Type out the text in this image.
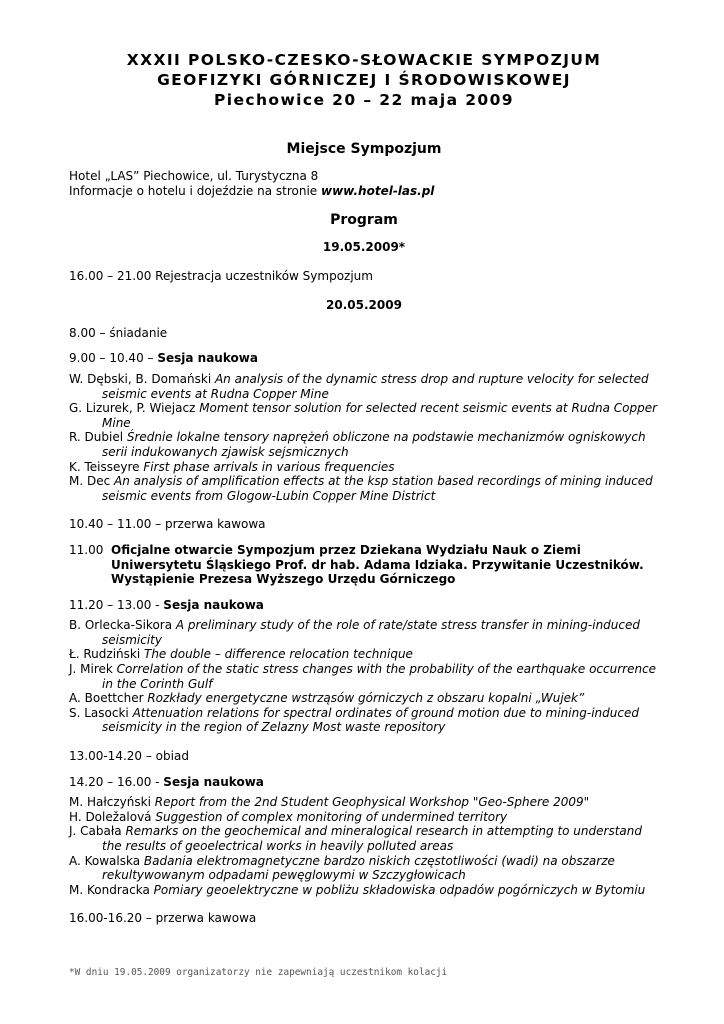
XXXII POLSKO-CZESKO-SŁOWACKIE SYMPOZJUM
GEOFIZYKI GÓRNICZEJ I ŚRODOWISKOWEJ
Piechowice 20 – 22 maja 2009
Miejsce Sympozjum
Hotel „LAS” Piechowice, ul. Turystyczna 8
Informacje o hotelu i dojeździe na stronie www.hotel-las.pl
Program
19.05.2009*
16.00 – 21.00 Rejestracja uczestników Sympozjum
20.05.2009
8.00 – śniadanie
9.00 – 10.40 – Sesja naukowa
W. Dębski, B. Domański An analysis of the dynamic stress drop and rupture velocity for selected seismic events at Rudna Copper Mine
G. Lizurek, P. Wiejacz Moment tensor solution for selected recent seismic events at Rudna Copper Mine
R. Dubiel Średnie lokalne tensory naprężeń obliczone na podstawie mechanizmów ogniskowych serii indukowanych zjawisk sejsmicznych
K. Teisseyre First phase arrivals in various frequencies
M. Dec An analysis of amplification effects at the ksp station based recordings of mining induced seismic events from Glogow-Lubin Copper Mine District
10.40 – 11.00 – przerwa kawowa
11.00 Oficjalne otwarcie Sympozjum przez Dziekana Wydziału Nauk o Ziemi Uniwersytetu Śląskiego Prof. dr hab. Adama Idziaka. Przywitanie Uczestników. Wystąpienie Prezesa Wyższego Urzędu Górniczego
11.20 – 13.00 - Sesja naukowa
B. Orlecka-Sikora A preliminary study of the role of rate/state stress transfer in mining-induced seismicity
Ł. Rudziński The double – difference relocation technique
J. Mirek Correlation of the static stress changes with the probability of the earthquake occurrence in the Corinth Gulf
A. Boettcher Rozkłady energetyczne wstrząsów górniczych z obszaru kopalni „Wujek”
S. Lasocki Attenuation relations for spectral ordinates of ground motion due to mining-induced seismicity in the region of Zelazny Most waste repository
13.00-14.20 – obiad
14.20 – 16.00 - Sesja naukowa
M. Hałczyński Report from the 2nd Student Geophysical Workshop "Geo-Sphere 2009"
H. Doležalová Suggestion of complex monitoring of undermined territory
J. Cabała Remarks on the geochemical and mineralogical research in attempting to understand the results of geoelectrical works in heavily polluted areas
A. Kowalska Badania elektromagnetyczne bardzo niskich częstotliwości (wadi) na obszarze rekultywowanym odpadami pewęglowymi w Szczygłowicach
M. Kondracka Pomiary geoelektryczne w pobliżu składowiska odpadów pogórniczych w Bytomiu
16.00-16.20 – przerwa kawowa
*W dniu 19.05.2009 organizatorzy nie zapewniają uczestnikom kolacji
